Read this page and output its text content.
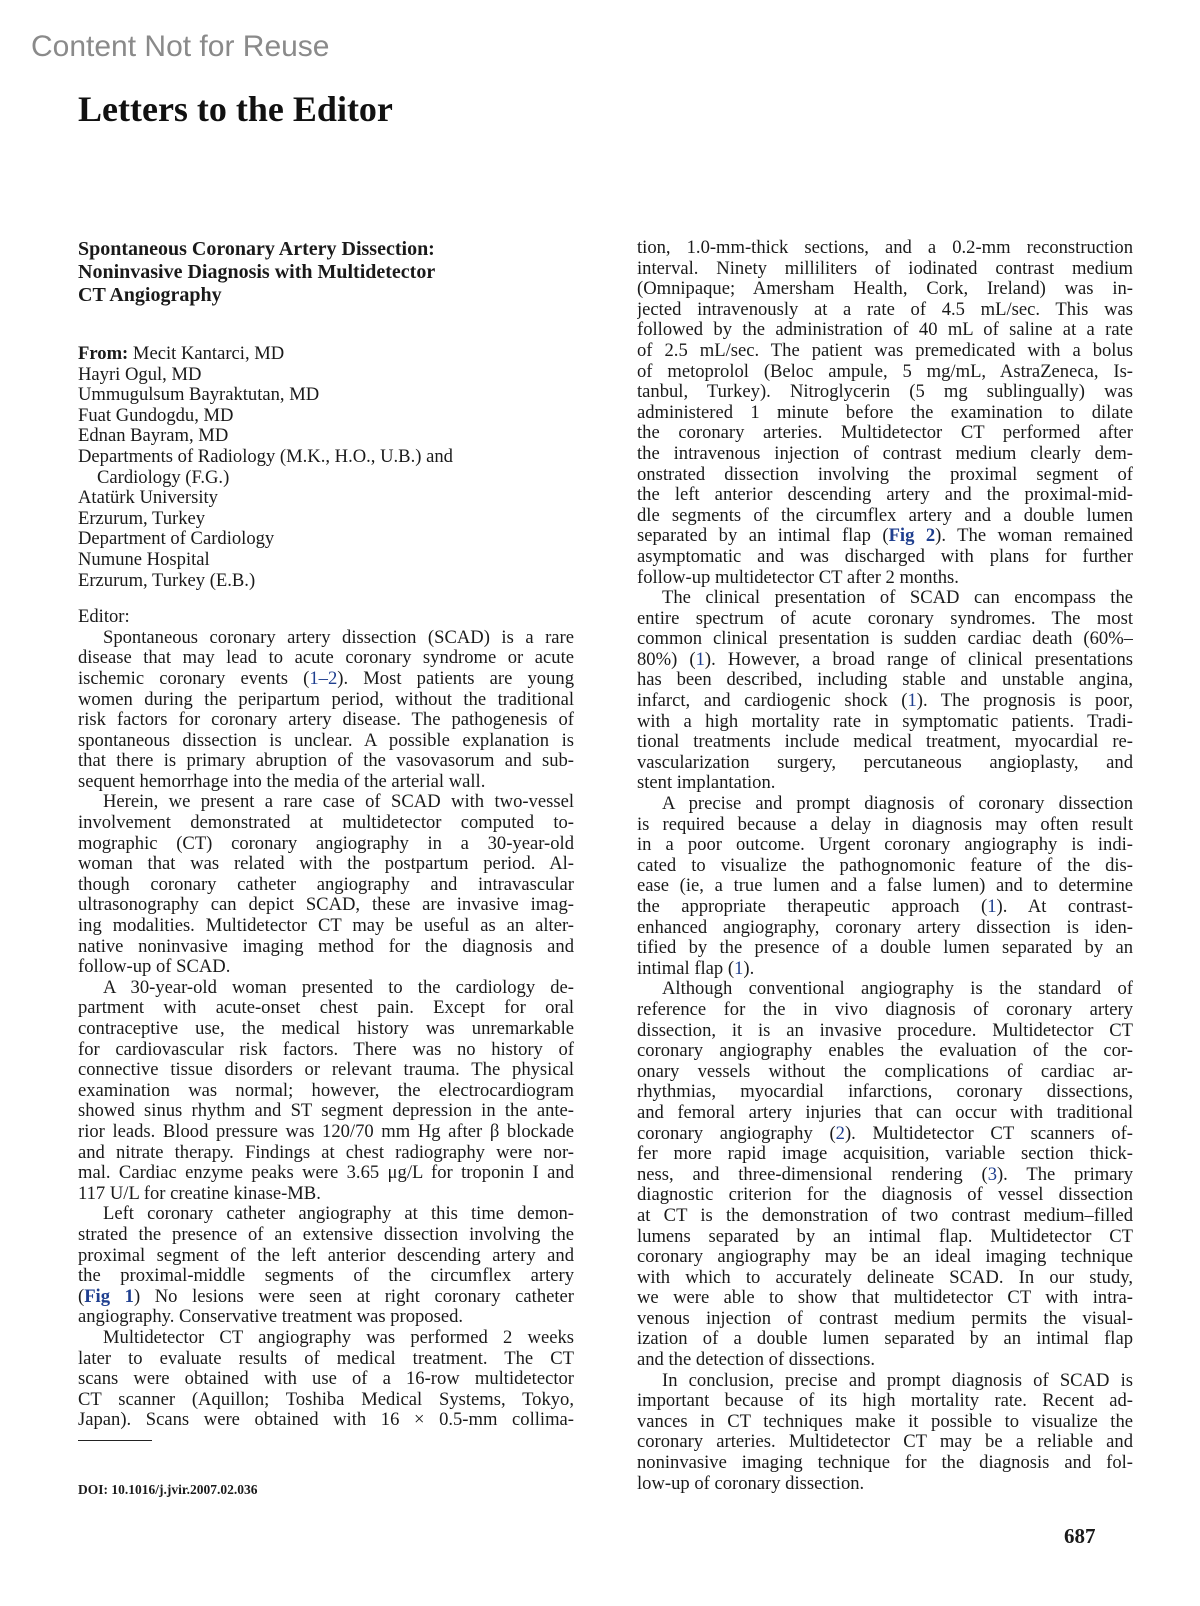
Content Not for Reuse
Letters to the Editor
Spontaneous Coronary Artery Dissection:
Noninvasive Diagnosis with Multidetector
CT Angiography
From: Mecit Kantarci, MD
Hayri Ogul, MD
Ummugulsum Bayraktutan, MD
Fuat Gundogdu, MD
Ednan Bayram, MD
Departments of Radiology (M.K., H.O., U.B.) and
Cardiology (F.G.)
Atatürk University
Erzurum, Turkey
Department of Cardiology
Numune Hospital
Erzurum, Turkey (E.B.)
Editor:
Spontaneous coronary artery dissection (SCAD) is a rare
disease that may lead to acute coronary syndrome or acute
ischemic coronary events (1–2). Most patients are young
women during the peripartum period, without the traditional
risk factors for coronary artery disease. The pathogenesis of
spontaneous dissection is unclear. A possible explanation is
that there is primary abruption of the vasovasorum and sub-
sequent hemorrhage into the media of the arterial wall.
Herein, we present a rare case of SCAD with two-vessel
involvement demonstrated at multidetector computed to-
mographic (CT) coronary angiography in a 30-year-old
woman that was related with the postpartum period. Al-
though coronary catheter angiography and intravascular
ultrasonography can depict SCAD, these are invasive imag-
ing modalities. Multidetector CT may be useful as an alter-
native noninvasive imaging method for the diagnosis and
follow-up of SCAD.
A 30-year-old woman presented to the cardiology de-
partment with acute-onset chest pain. Except for oral
contraceptive use, the medical history was unremarkable
for cardiovascular risk factors. There was no history of
connective tissue disorders or relevant trauma. The physical
examination was normal; however, the electrocardiogram
showed sinus rhythm and ST segment depression in the ante-
rior leads. Blood pressure was 120/70 mm Hg after β blockade
and nitrate therapy. Findings at chest radiography were nor-
mal. Cardiac enzyme peaks were 3.65 μg/L for troponin I and
117 U/L for creatine kinase-MB.
Left coronary catheter angiography at this time demon-
strated the presence of an extensive dissection involving the
proximal segment of the left anterior descending artery and
the proximal-middle segments of the circumflex artery
(Fig 1) No lesions were seen at right coronary catheter
angiography. Conservative treatment was proposed.
Multidetector CT angiography was performed 2 weeks
later to evaluate results of medical treatment. The CT
scans were obtained with use of a 16-row multidetector
CT scanner (Aquillon; Toshiba Medical Systems, Tokyo,
Japan). Scans were obtained with 16 × 0.5-mm collima-
tion, 1.0-mm-thick sections, and a 0.2-mm reconstruction
interval. Ninety milliliters of iodinated contrast medium
(Omnipaque; Amersham Health, Cork, Ireland) was in-
jected intravenously at a rate of 4.5 mL/sec. This was
followed by the administration of 40 mL of saline at a rate
of 2.5 mL/sec. The patient was premedicated with a bolus
of metoprolol (Beloc ampule, 5 mg/mL, AstraZeneca, Is-
tanbul, Turkey). Nitroglycerin (5 mg sublingually) was
administered 1 minute before the examination to dilate
the coronary arteries. Multidetector CT performed after
the intravenous injection of contrast medium clearly dem-
onstrated dissection involving the proximal segment of
the left anterior descending artery and the proximal-mid-
dle segments of the circumflex artery and a double lumen
separated by an intimal flap (Fig 2). The woman remained
asymptomatic and was discharged with plans for further
follow-up multidetector CT after 2 months.
The clinical presentation of SCAD can encompass the
entire spectrum of acute coronary syndromes. The most
common clinical presentation is sudden cardiac death (60%–
80%) (1). However, a broad range of clinical presentations
has been described, including stable and unstable angina,
infarct, and cardiogenic shock (1). The prognosis is poor,
with a high mortality rate in symptomatic patients. Tradi-
tional treatments include medical treatment, myocardial re-
vascularization surgery, percutaneous angioplasty, and
stent implantation.
A precise and prompt diagnosis of coronary dissection
is required because a delay in diagnosis may often result
in a poor outcome. Urgent coronary angiography is indi-
cated to visualize the pathognomonic feature of the dis-
ease (ie, a true lumen and a false lumen) and to determine
the appropriate therapeutic approach (1). At contrast-
enhanced angiography, coronary artery dissection is iden-
tified by the presence of a double lumen separated by an
intimal flap (1).
Although conventional angiography is the standard of
reference for the in vivo diagnosis of coronary artery
dissection, it is an invasive procedure. Multidetector CT
coronary angiography enables the evaluation of the cor-
onary vessels without the complications of cardiac ar-
rhythmias, myocardial infarctions, coronary dissections,
and femoral artery injuries that can occur with traditional
coronary angiography (2). Multidetector CT scanners of-
fer more rapid image acquisition, variable section thick-
ness, and three-dimensional rendering (3). The primary
diagnostic criterion for the diagnosis of vessel dissection
at CT is the demonstration of two contrast medium–filled
lumens separated by an intimal flap. Multidetector CT
coronary angiography may be an ideal imaging technique
with which to accurately delineate SCAD. In our study,
we were able to show that multidetector CT with intra-
venous injection of contrast medium permits the visual-
ization of a double lumen separated by an intimal flap
and the detection of dissections.
In conclusion, precise and prompt diagnosis of SCAD is
important because of its high mortality rate. Recent ad-
vances in CT techniques make it possible to visualize the
coronary arteries. Multidetector CT may be a reliable and
noninvasive imaging technique for the diagnosis and fol-
low-up of coronary dissection.
DOI: 10.1016/j.jvir.2007.02.036
687
